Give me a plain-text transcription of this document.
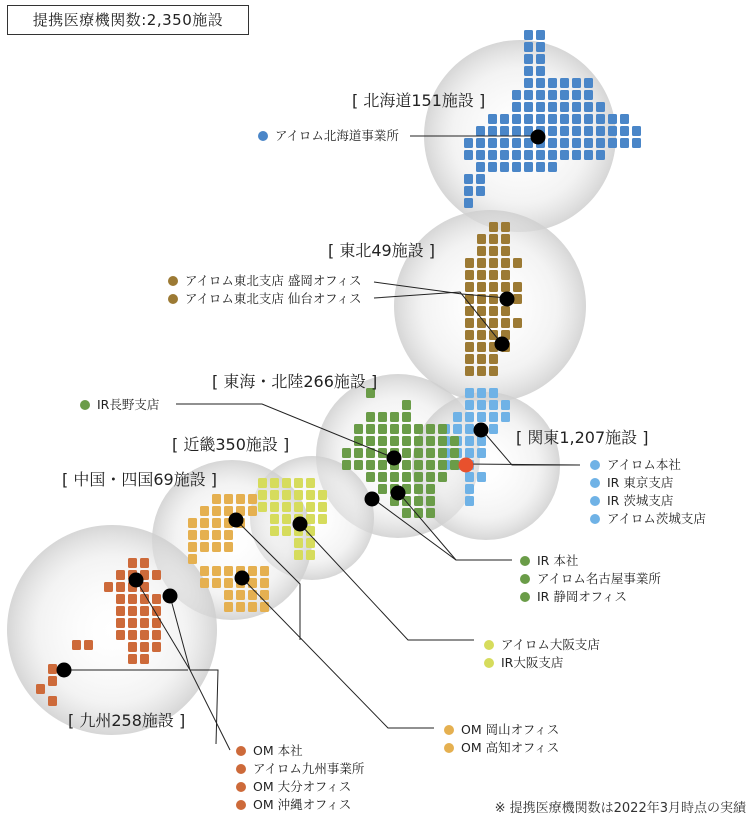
提携医療機関数:2,350施設
[ 北海道151施設 ]
[ 東北49施設 ]
[ 東海・北陸266施設 ]
[ 関東1,207施設 ]
[ 近畿350施設 ]
[ 中国・四国69施設 ]
[ 九州258施設 ]
アイロム北海道事業所
アイロム東北支店 盛岡オフィス
アイロム東北支店 仙台オフィス
IR長野支店
アイロム本社
IR 東京支店
IR 茨城支店
アイロム茨城支店
IR 本社
アイロム名古屋事業所
IR 静岡オフィス
アイロム大阪支店
IR大阪支店
OM 岡山オフィス
OM 高知オフィス
OM 本社
アイロム九州事業所
OM 大分オフィス
OM 沖縄オフィス	※ 提携医療機関数は2022年3月時点の実績
